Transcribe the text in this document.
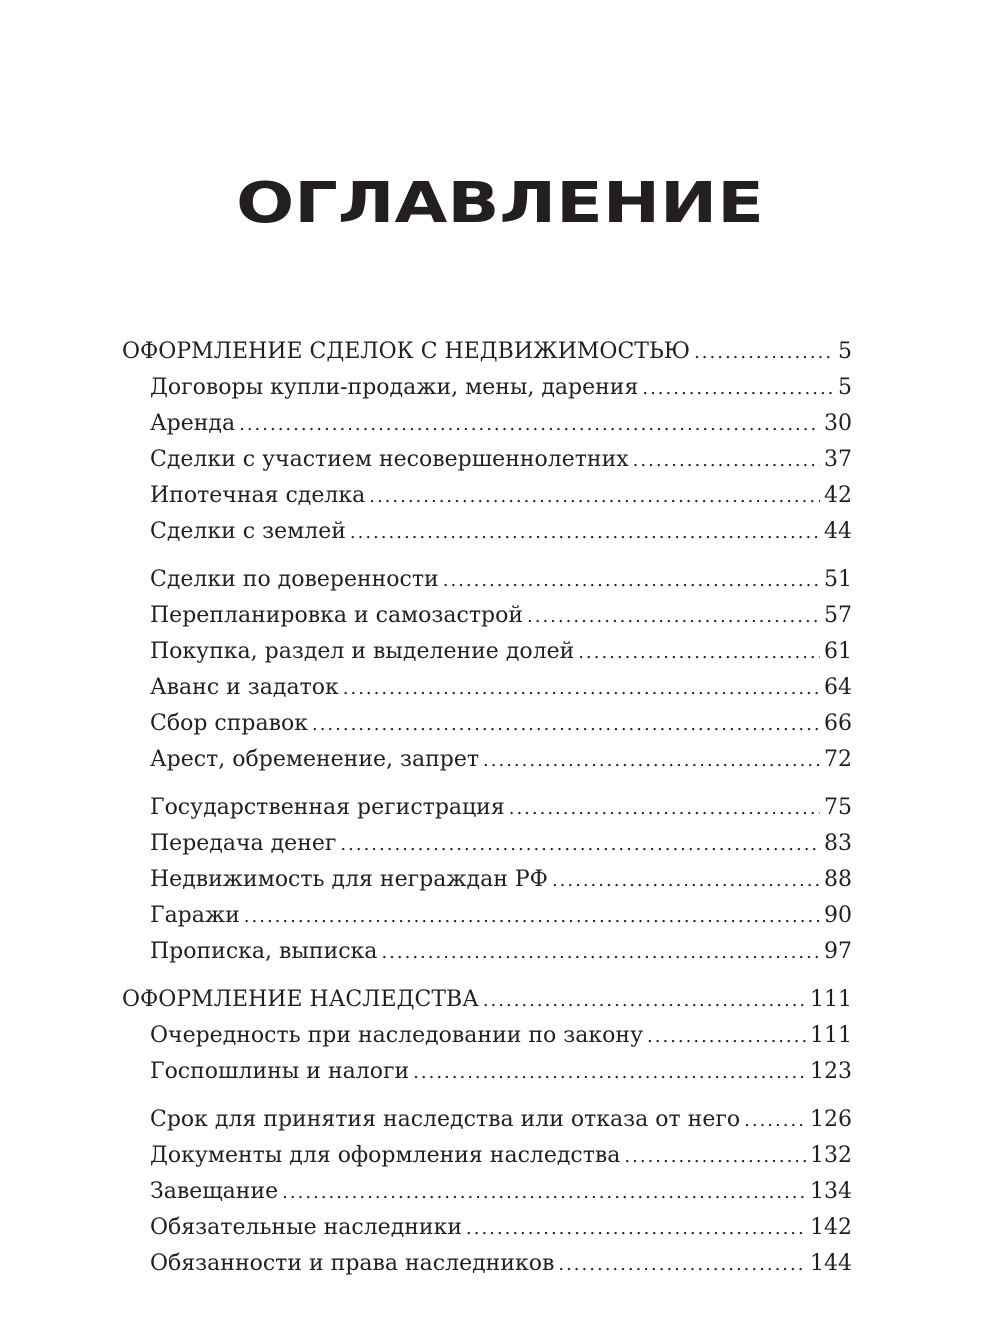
ОГЛАВЛЕНИЕ
ОФОРМЛЕНИЕ СДЕЛОК С НЕДВИЖИМОСТЬЮ .....	5
Договоры купли-продажи, мены, дарения .....	5
Аренда .....	30
Сделки с участием несовершеннолетних .....	37
Ипотечная сделка .....	42
Сделки с землей .....	44
Сделки по доверенности .....	51
Перепланировка и самозастрой .....	57
Покупка, раздел и выделение долей .....	61
Аванс и задаток .....	64
Сбор справок .....	66
Арест, обременение, запрет .....	72
Государственная регистрация .....	75
Передача денег .....	83
Недвижимость для неграждан РФ .....	88
Гаражи .....	90
Прописка, выписка .....	97
ОФОРМЛЕНИЕ НАСЛЕДСТВА .....	111
Очередность при наследовании по закону .....	111
Госпошлины и налоги .....	123
Срок для принятия наследства или отказа от него .....	126
Документы для оформления наследства .....	132
Завещание .....	134
Обязательные наследники .....	142
Обязанности и права наследников .....	144
